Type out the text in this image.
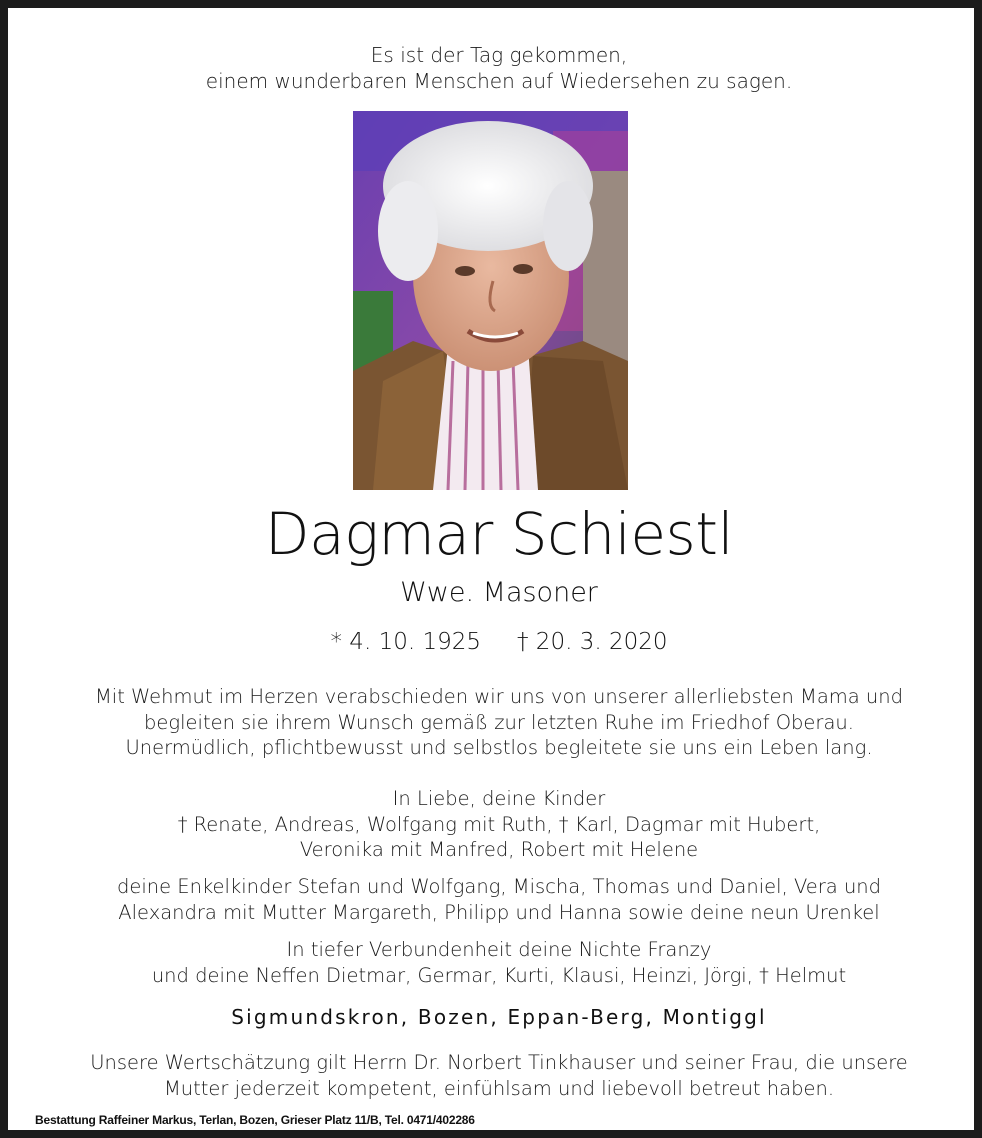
Es ist der Tag gekommen,
einem wunderbaren Menschen auf Wiedersehen zu sagen.
Dagmar Schiestl
Wwe. Masoner
* 4. 10. 1925 † 20. 3. 2020
Mit Wehmut im Herzen verabschieden wir uns von unserer allerliebsten Mama und
begleiten sie ihrem Wunsch gemäß zur letzten Ruhe im Friedhof Oberau.
Unermüdlich, pflichtbewusst und selbstlos begleitete sie uns ein Leben lang.
In Liebe, deine Kinder
† Renate, Andreas, Wolfgang mit Ruth, † Karl, Dagmar mit Hubert,
Veronika mit Manfred, Robert mit Helene
deine Enkelkinder Stefan und Wolfgang, Mischa, Thomas und Daniel, Vera und
Alexandra mit Mutter Margareth, Philipp und Hanna sowie deine neun Urenkel
In tiefer Verbundenheit deine Nichte Franzy
und deine Neffen Dietmar, Germar, Kurti, Klausi, Heinzi, Jörgi, † Helmut
Sigmundskron, Bozen, Eppan-Berg, Montiggl
Unsere Wertschätzung gilt Herrn Dr. Norbert Tinkhauser und seiner Frau, die unsere
Mutter jederzeit kompetent, einfühlsam und liebevoll betreut haben.
Bestattung Raffeiner Markus, Terlan, Bozen, Grieser Platz 11/B, Tel. 0471/402286
